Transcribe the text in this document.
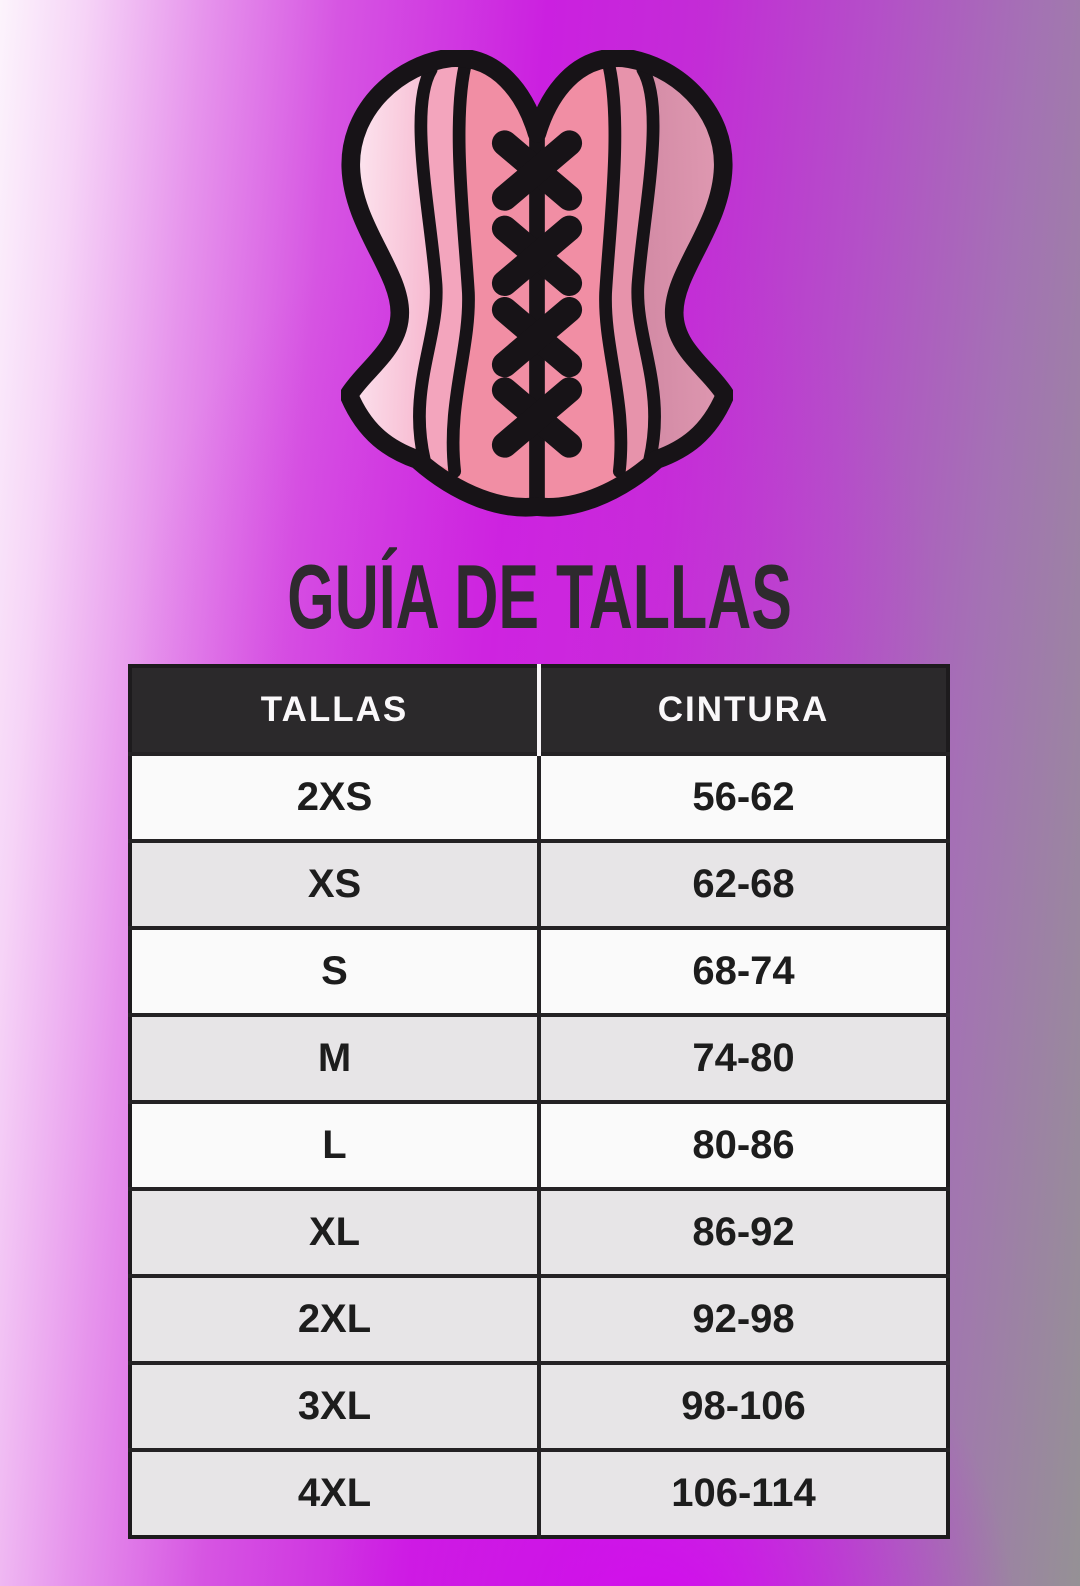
GUÍA DE TALLAS
TALLAS	CINTURA
2XS	56-62
XS	62-68
S	68-74
M	74-80
L	80-86
XL	86-92
2XL	92-98
3XL	98-106
4XL	106-114
